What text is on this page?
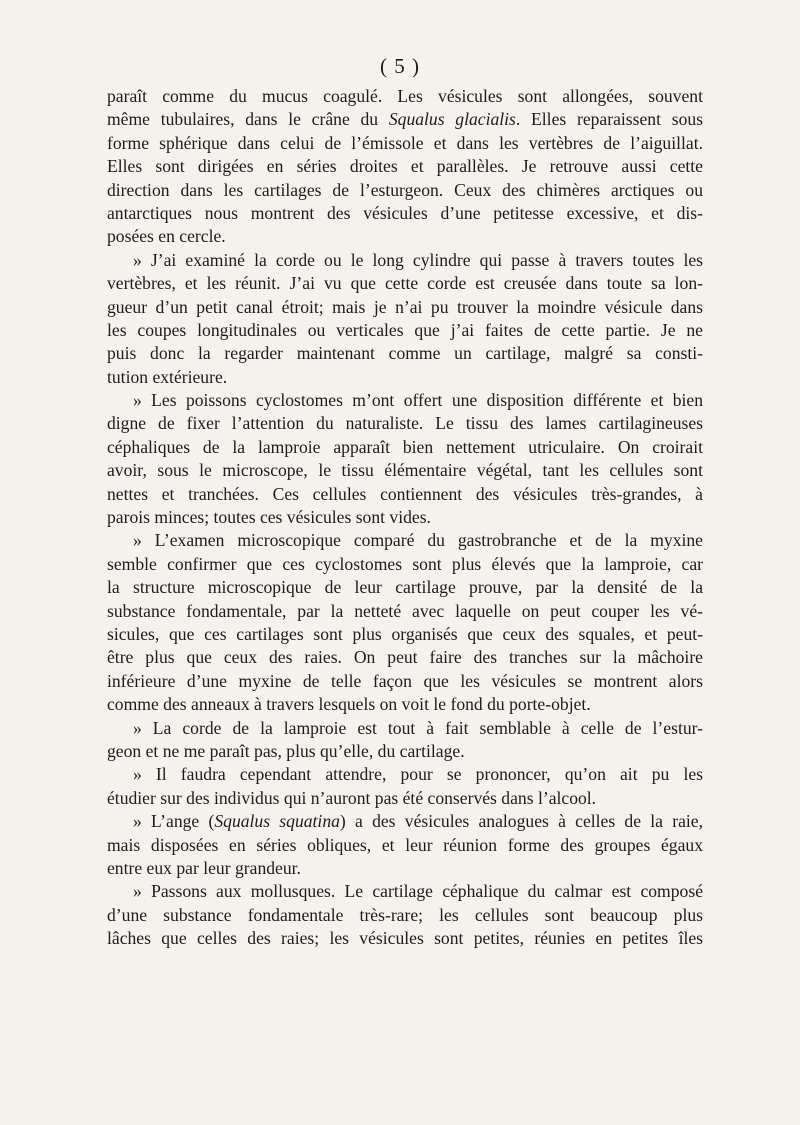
( 5 )
paraît comme du mucus coagulé. Les vésicules sont allongées, souvent
même tubulaires, dans le crâne du Squalus glacialis. Elles reparaissent sous
forme sphérique dans celui de l’émissole et dans les vertèbres de l’aiguillat.
Elles sont dirigées en séries droites et parallèles. Je retrouve aussi cette
direction dans les cartilages de l’esturgeon. Ceux des chimères arctiques ou
antarctiques nous montrent des vésicules d’une petitesse excessive, et dis-
posées en cercle.
» J’ai examiné la corde ou le long cylindre qui passe à travers toutes les
vertèbres, et les réunit. J’ai vu que cette corde est creusée dans toute sa lon-
gueur d’un petit canal étroit; mais je n’ai pu trouver la moindre vésicule dans
les coupes longitudinales ou verticales que j’ai faites de cette partie. Je ne
puis donc la regarder maintenant comme un cartilage, malgré sa consti-
tution extérieure.
» Les poissons cyclostomes m’ont offert une disposition différente et bien
digne de fixer l’attention du naturaliste. Le tissu des lames cartilagineuses
céphaliques de la lamproie apparaît bien nettement utriculaire. On croirait
avoir, sous le microscope, le tissu élémentaire végétal, tant les cellules sont
nettes et tranchées. Ces cellules contiennent des vésicules très-grandes, à
parois minces; toutes ces vésicules sont vides.
» L’examen microscopique comparé du gastrobranche et de la myxine
semble confirmer que ces cyclostomes sont plus élevés que la lamproie, car
la structure microscopique de leur cartilage prouve, par la densité de la
substance fondamentale, par la netteté avec laquelle on peut couper les vé-
sicules, que ces cartilages sont plus organisés que ceux des squales, et peut-
être plus que ceux des raies. On peut faire des tranches sur la mâchoire
inférieure d’une myxine de telle façon que les vésicules se montrent alors
comme des anneaux à travers lesquels on voit le fond du porte-objet.
» La corde de la lamproie est tout à fait semblable à celle de l’estur-
geon et ne me paraît pas, plus qu’elle, du cartilage.
» Il faudra cependant attendre, pour se prononcer, qu’on ait pu les
étudier sur des individus qui n’auront pas été conservés dans l’alcool.
» L’ange (Squalus squatina) a des vésicules analogues à celles de la raie,
mais disposées en séries obliques, et leur réunion forme des groupes égaux
entre eux par leur grandeur.
» Passons aux mollusques. Le cartilage céphalique du calmar est composé
d’une substance fondamentale très-rare; les cellules sont beaucoup plus
lâches que celles des raies; les vésicules sont petites, réunies en petites îles
